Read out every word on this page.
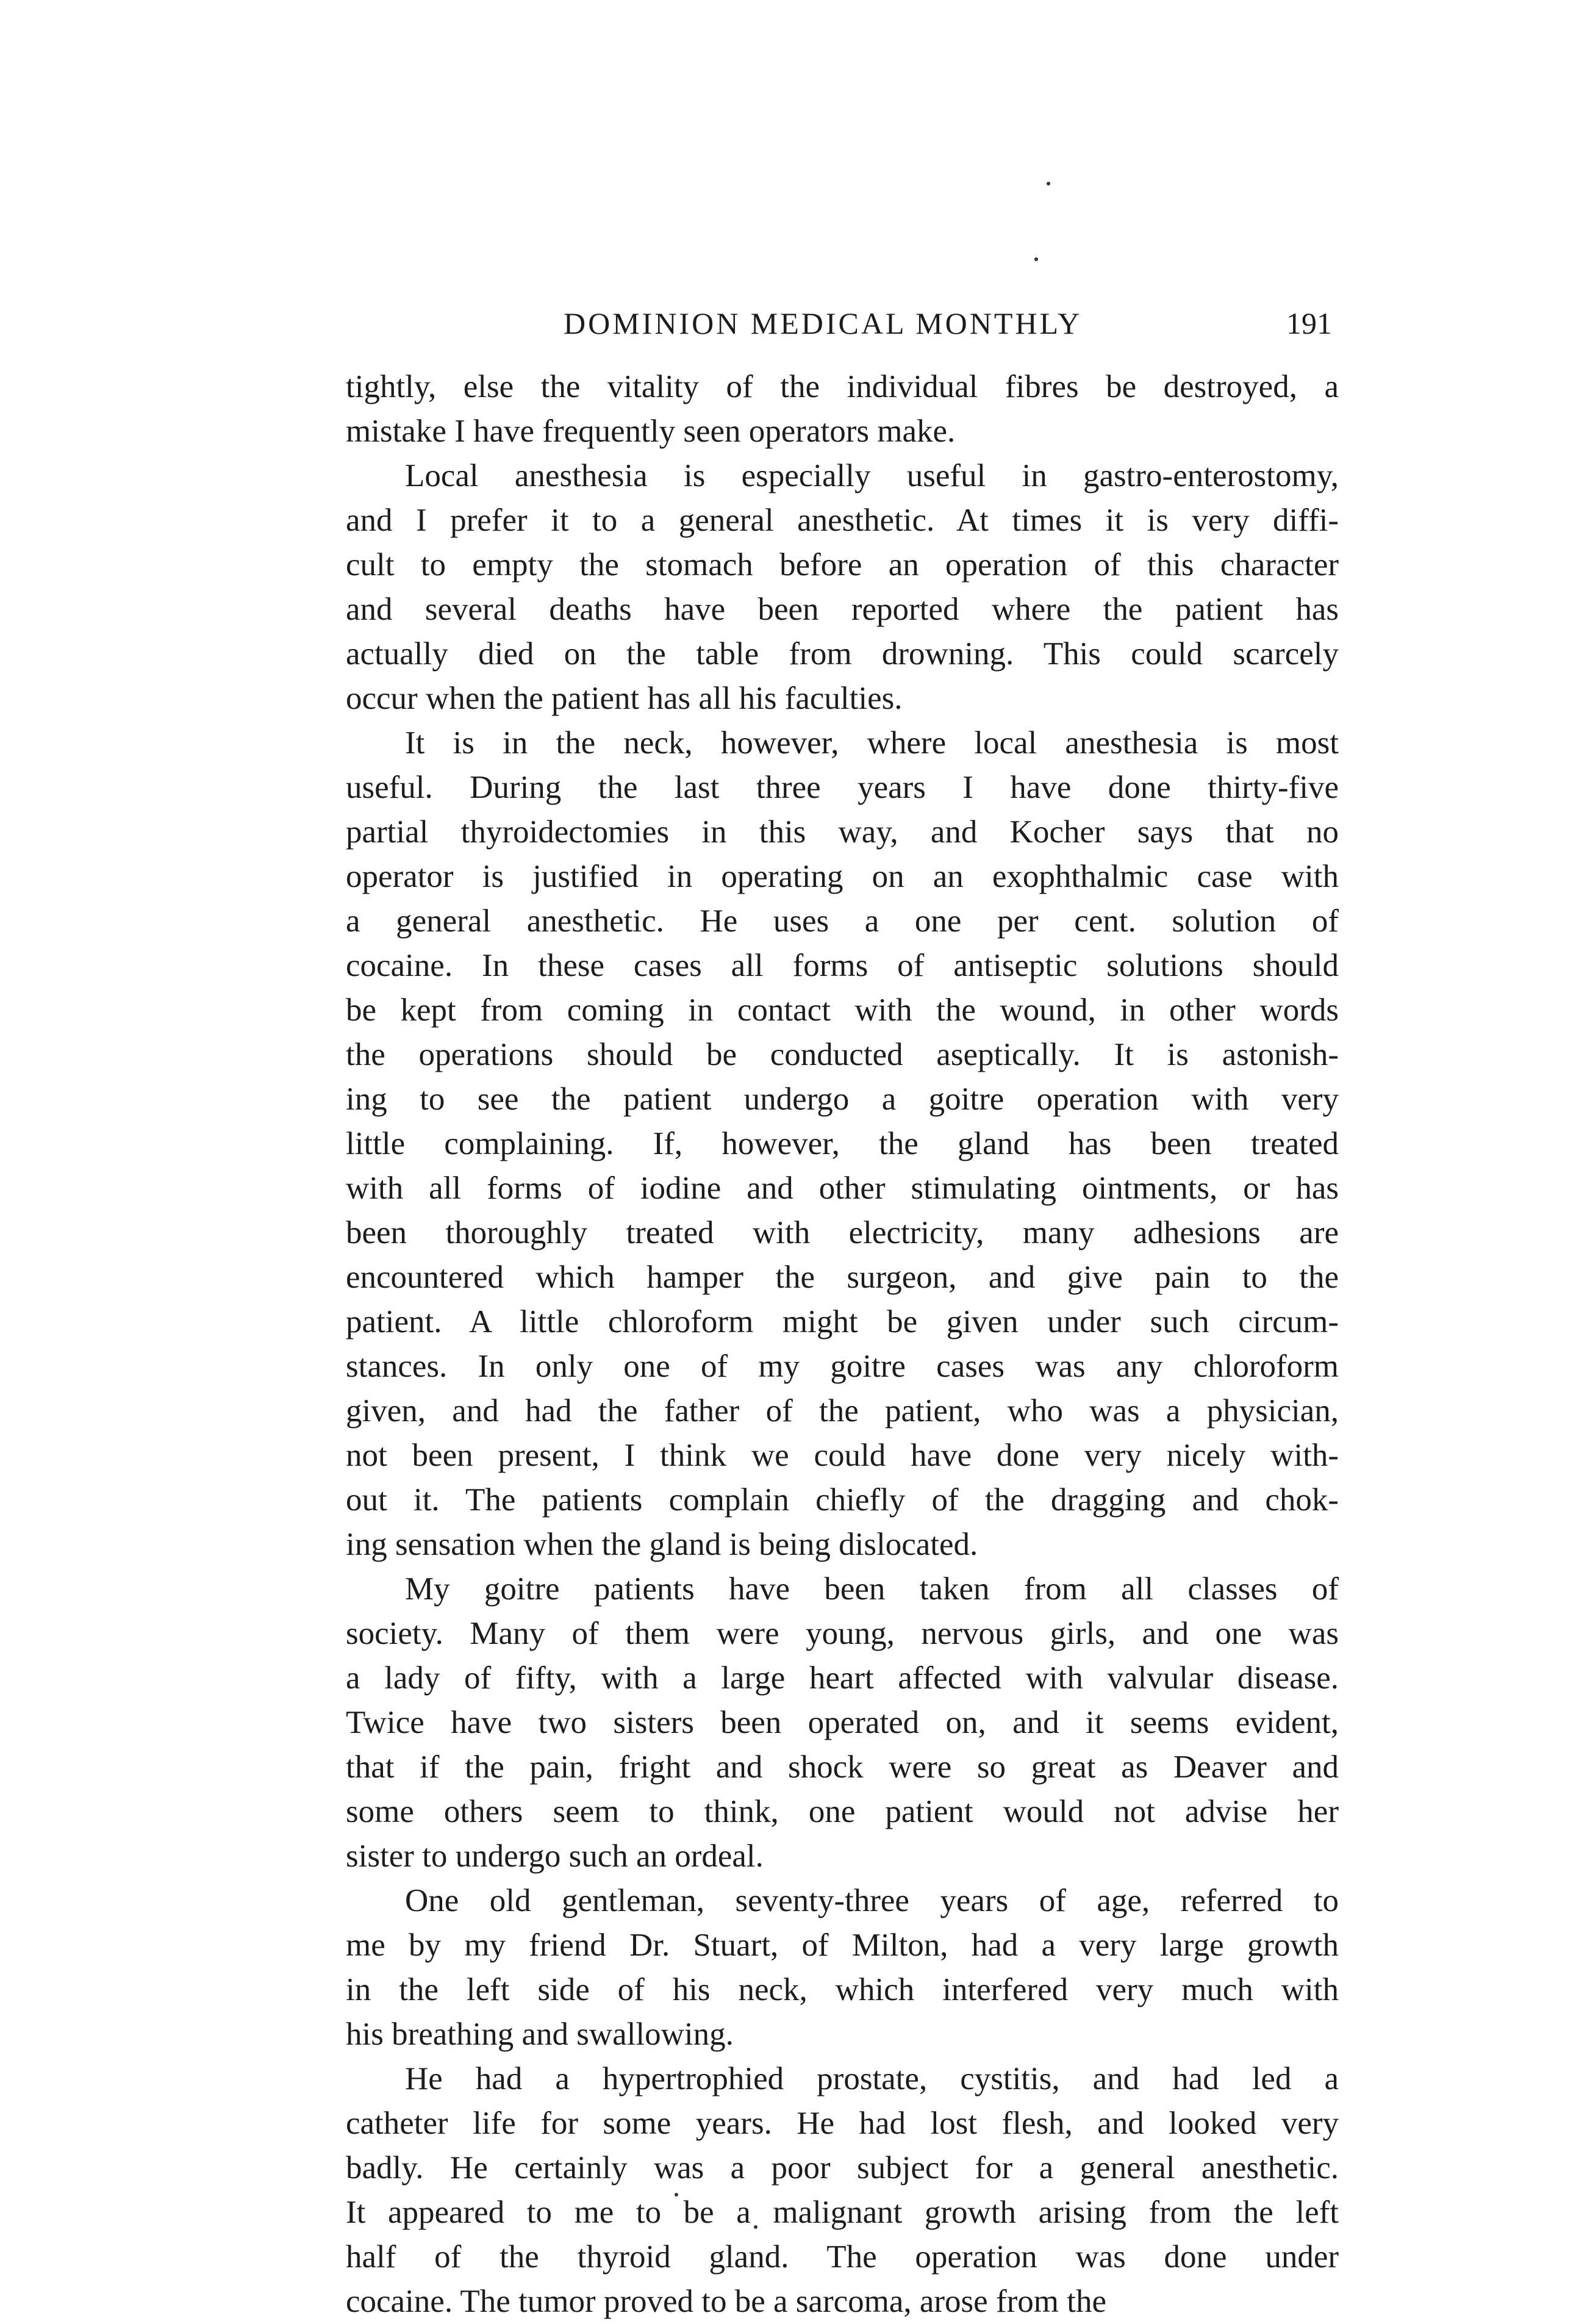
DOMINION MEDICAL MONTHLY	191

tightly, else the vitality of the individual fibres be destroyed, a
mistake I have frequently seen operators make.

Local anesthesia is especially useful in gastro-enterostomy,
and I prefer it to a general anesthetic. At times it is very diffi-
cult to empty the stomach before an operation of this character
and several deaths have been reported where the patient has
actually died on the table from drowning. This could scarcely
occur when the patient has all his faculties.

It is in the neck, however, where local anesthesia is most
useful. During the last three years I have done thirty-five
partial thyroidectomies in this way, and Kocher says that no
operator is justified in operating on an exophthalmic case with
a general anesthetic. He uses a one per cent. solution of
cocaine. In these cases all forms of antiseptic solutions should
be kept from coming in contact with the wound, in other words
the operations should be conducted aseptically. It is astonish-
ing to see the patient undergo a goitre operation with very
little complaining. If, however, the gland has been treated
with all forms of iodine and other stimulating ointments, or has
been thoroughly treated with electricity, many adhesions are
encountered which hamper the surgeon, and give pain to the
patient. A little chloroform might be given under such circum-
stances. In only one of my goitre cases was any chloroform
given, and had the father of the patient, who was a physician,
not been present, I think we could have done very nicely with-
out it. The patients complain chiefly of the dragging and chok-
ing sensation when the gland is being dislocated.

My goitre patients have been taken from all classes of
society. Many of them were young, nervous girls, and one was
a lady of fifty, with a large heart affected with valvular disease.
Twice have two sisters been operated on, and it seems evident,
that if the pain, fright and shock were so great as Deaver and
some others seem to think, one patient would not advise her
sister to undergo such an ordeal.

One old gentleman, seventy-three years of age, referred to
me by my friend Dr. Stuart, of Milton, had a very large growth
in the left side of his neck, which interfered very much with
his breathing and swallowing.

He had a hypertrophied prostate, cystitis, and had led a
catheter life for some years. He had lost flesh, and looked very
badly. He certainly was a poor subject for a general anesthetic.
It appeared to me to be a malignant growth arising from the left
half of the thyroid gland. The operation was done under
cocaine. The tumor proved to be a sarcoma, arose from the
